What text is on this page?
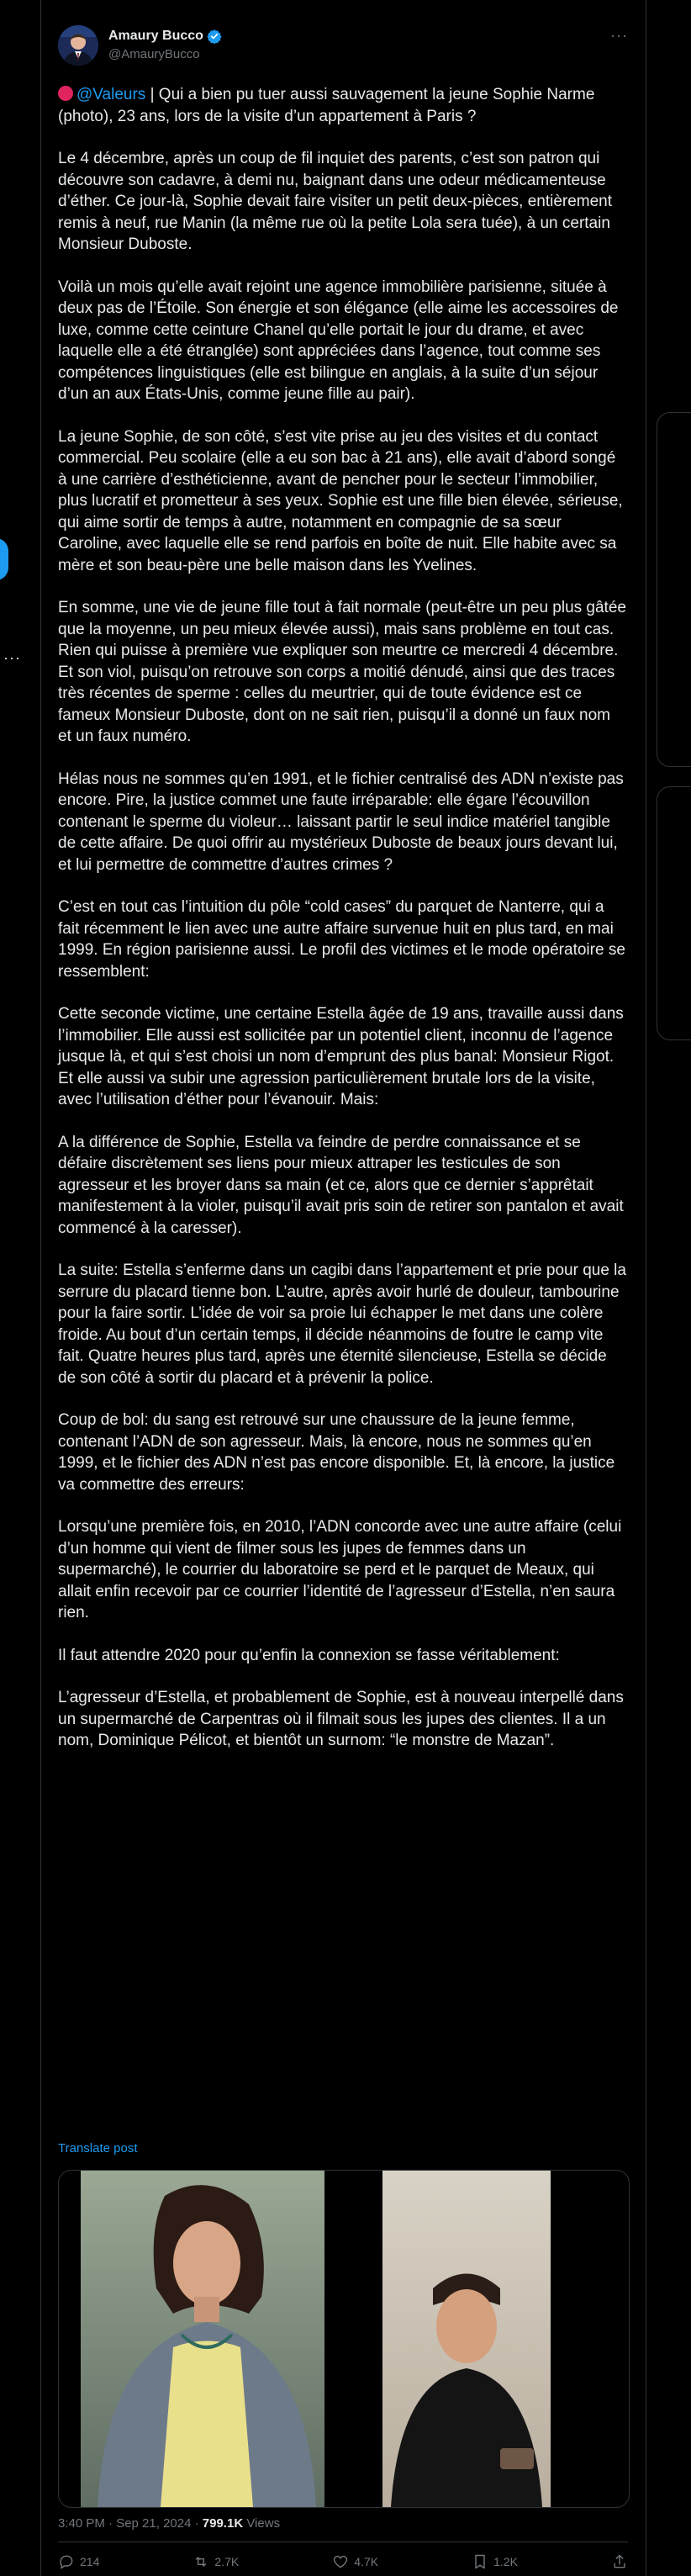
···
Amaury Bucco
@AmauryBucco
···

@Valeurs | Qui a bien pu tuer aussi sauvagement la jeune Sophie Narme (photo), 23 ans, lors de la visite d’un appartement à Paris ?

Le 4 décembre, après un coup de fil inquiet des parents, c’est son patron qui découvre son cadavre, à demi nu, baignant dans une odeur médicamenteuse d’éther. Ce jour-là, Sophie devait faire visiter un petit deux-pièces, entièrement remis à neuf, rue Manin (la même rue où la petite Lola sera tuée), à un certain Monsieur Duboste.

Voilà un mois qu’elle avait rejoint une agence immobilière parisienne, située à deux pas de l’Étoile. Son énergie et son élégance (elle aime les accessoires de luxe, comme cette ceinture Chanel qu’elle portait le jour du drame, et avec laquelle elle a été étranglée) sont appréciées dans l’agence, tout comme ses compétences linguistiques (elle est bilingue en anglais, à la suite d’un séjour d’un an aux États-Unis, comme jeune fille au pair).

La jeune Sophie, de son côté, s’est vite prise au jeu des visites et du contact commercial. Peu scolaire (elle a eu son bac à 21 ans), elle avait d’abord songé à une carrière d’esthéticienne, avant de pencher pour le secteur l’immobilier, plus lucratif et prometteur à ses yeux. Sophie est une fille bien élevée, sérieuse, qui aime sortir de temps à autre, notamment en compagnie de sa sœur Caroline, avec laquelle elle se rend parfois en boîte de nuit. Elle habite avec sa mère et son beau-père une belle maison dans les Yvelines.

En somme, une vie de jeune fille tout à fait normale (peut-être un peu plus gâtée que la moyenne, un peu mieux élevée aussi), mais sans problème en tout cas. Rien qui puisse à première vue expliquer son meurtre ce mercredi 4 décembre. Et son viol, puisqu’on retrouve son corps a moitié dénudé, ainsi que des traces très récentes de sperme : celles du meurtrier, qui de toute évidence est ce fameux Monsieur Duboste, dont on ne sait rien, puisqu’il a donné un faux nom et un faux numéro.

Hélas nous ne sommes qu’en 1991, et le fichier centralisé des ADN n’existe pas encore. Pire, la justice commet une faute irréparable: elle égare l’écouvillon contenant le sperme du violeur… laissant partir le seul indice matériel tangible de cette affaire. De quoi offrir au mystérieux Duboste de beaux jours devant lui, et lui permettre de commettre d’autres crimes ?

C’est en tout cas l’intuition du pôle “cold cases” du parquet de Nanterre, qui a fait récemment le lien avec une autre affaire survenue huit en plus tard, en mai 1999. En région parisienne aussi. Le profil des victimes et le mode opératoire se ressemblent:

Cette seconde victime, une certaine Estella âgée de 19 ans, travaille aussi dans l’immobilier. Elle aussi est sollicitée par un potentiel client, inconnu de l’agence jusque là, et qui s’est choisi un nom d’emprunt des plus banal: Monsieur Rigot. Et elle aussi va subir une agression particulièrement brutale lors de la visite, avec l’utilisation d’éther pour l’évanouir. Mais:

A la différence de Sophie, Estella va feindre de perdre connaissance et se défaire discrètement ses liens pour mieux attraper les testicules de son agresseur et les broyer dans sa main (et ce, alors que ce dernier s’apprêtait manifestement à la violer, puisqu’il avait pris soin de retirer son pantalon et avait commencé à la caresser).

La suite: Estella s’enferme dans un cagibi dans l’appartement et prie pour que la serrure du placard tienne bon. L’autre, après avoir hurlé de douleur, tambourine pour la faire sortir. L’idée de voir sa proie lui échapper le met dans une colère froide. Au bout d’un certain temps, il décide néanmoins de foutre le camp vite fait. Quatre heures plus tard, après une éternité silencieuse, Estella se décide de son côté à sortir du placard et à prévenir la police.

Coup de bol: du sang est retrouvé sur une chaussure de la jeune femme, contenant l’ADN de son agresseur. Mais, là encore, nous ne sommes qu’en 1999, et le fichier des ADN n’est pas encore disponible. Et, là encore, la justice va commettre des erreurs:

Lorsqu’une première fois, en 2010, l’ADN concorde avec une autre affaire (celui d’un homme qui vient de filmer sous les jupes de femmes dans un supermarché), le courrier du laboratoire se perd et le parquet de Meaux, qui allait enfin recevoir par ce courrier l’identité de l’agresseur d’Estella, n’en saura rien.

Il faut attendre 2020 pour qu’enfin la connexion se fasse véritablement:

L’agresseur d’Estella, et probablement de Sophie, est à nouveau interpellé dans un supermarché de Carpentras où il filmait sous les jupes des clientes. Il a un nom, Dominique Pélicot, et bientôt un surnom: “le monstre de Mazan”.

Translate post
3:40 PM · Sep 21, 2024 · 799.1K Views
214	2.7K	4.7K	1.2K
